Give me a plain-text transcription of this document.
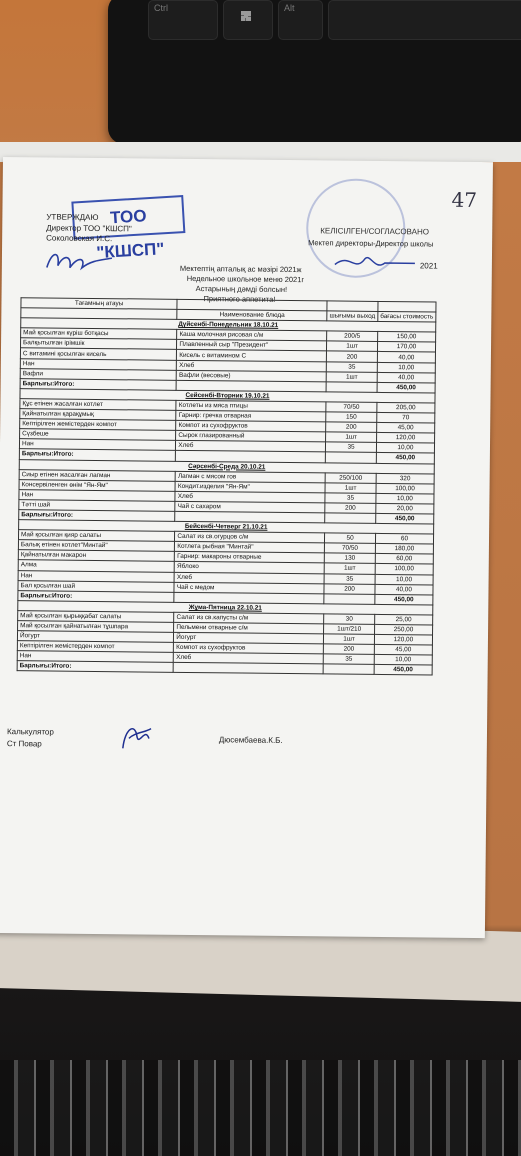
Ctrl	Alt
47
ТОО "КШСП"
УТВЕРЖДАЮ
Директор ТОО "КШСП"
Соколовская И.С.
КЕЛІСІЛГЕН/СОГЛАСОВАНО
Мектеп директоры-Директор школы
2021
Мектептің апталық ас мәзірі 2021ж
Недельное школьное меню 2021г
Астарының дәмді болсын!
Приятного аппетита!
Тағамның атауы			
	Наименование блюда	шығымы выход	бағасы стоимость
Дүйсенбі-Понедельник 18.10.21			
Май қосылған күріш ботқасы	Каша молочная рисовая с/м	200/5	150,00
Балқытылған ірімшік	Плавленный сыр "Президент"	1шт	170,00
С витамині қосылған кисель	Кисель с витамином С	200	40,00
Нан	Хлеб	35	10,00
Вафли	Вафли (весовые)	1шт	40,00
Барлығы:Итого:			450,00
Сейсенбі-Вторник 19.10.21			
Құс етінен жасалған котлет	Котлеты из мяса птицы	70/50	205,00
Қайнатылған қарақұмық	Гарнир: гречка отварная	150	70
Кептірілген жемістерден компот	Компот из сухофруктов	200	45,00
Сүзбеше	Сырок глазированный	1шт	120,00
Нан	Хлеб	35	10,00
Барлығы:Итого:			450,00
Сәрсенбі-Среда 20.10.21			
Сиыр етінен жасалған лагман	Лагман с мясом гов	250/100	320
Консервіленген өнім "Ян-Ям"	Кондит.изделия "Ян-Ям"	1шт	100,00
Нан	Хлеб	35	10,00
Тәтті шай	Чай с сахаром	200	20,00
Барлығы:Итого:			450,00
Бейсенбі-Четверг 21.10.21			
Май қосылған қияр салаты	Салат из св.огурцов с/м	50	60
Балық етінен котлет"Минтай"	Котлета рыбная "Минтай"	70/50	180,00
Қайнатылған макарон	Гарнир: макароны отварные	130	60,00
Алма	Яблоко	1шт	100,00
Нан	Хлеб	35	10,00
Бал қосылған шай	Чай с медом	200	40,00
Барлығы:Итого:			450,00
Жұма-Пятница 22.10.21			
Май қосылған қырыққабат салаты	Салат из св.капусты с/м	30	25,00
Май қосылған қайнатылған тұшпара	Пельмени отварные с/м	1шт/210	250,00
Йогурт	Йогурт	1шт	120,00
Кептірілген жемістерден компот	Компот из сухофруктов	200	45,00
Нан	Хлеб	35	10,00
Барлығы:Итого:			450,00
Калькулятор
Ст Повар	Дюсембаева.К.Б.
